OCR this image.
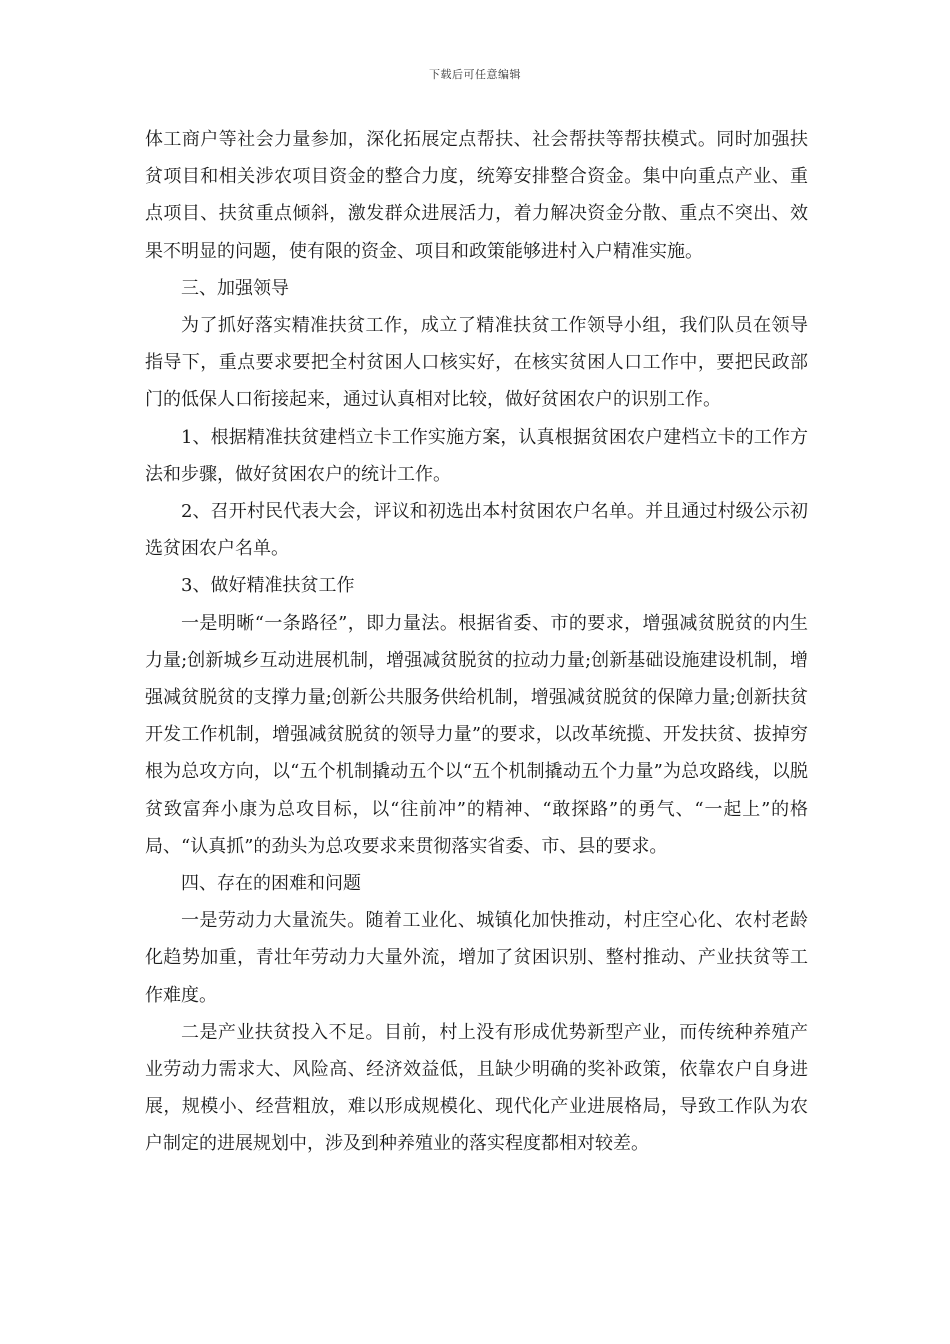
下载后可任意编辑

体工商户等社会力量参加，深化拓展定点帮扶、社会帮扶等帮扶模式。同时加强扶贫项目和相关涉农项目资金的整合力度，统筹安排整合资金。集中向重点产业、重点项目、扶贫重点倾斜，激发群众进展活力，着力解决资金分散、重点不突出、效果不明显的问题，使有限的资金、项目和政策能够进村入户精准实施。

三、加强领导

为了抓好落实精准扶贫工作，成立了精准扶贫工作领导小组，我们队员在领导指导下，重点要求要把全村贫困人口核实好，在核实贫困人口工作中，要把民政部门的低保人口衔接起来，通过认真相对比较，做好贫困农户的识别工作。

1、根据精准扶贫建档立卡工作实施方案，认真根据贫困农户建档立卡的工作方法和步骤，做好贫困农户的统计工作。

2、召开村民代表大会，评议和初选出本村贫困农户名单。并且通过村级公示初选贫困农户名单。

3、做好精准扶贫工作

一是明晰“一条路径”，即力量法。根据省委、市的要求，增强减贫脱贫的内生力量;创新城乡互动进展机制，增强减贫脱贫的拉动力量;创新基础设施建设机制，增强减贫脱贫的支撑力量;创新公共服务供给机制，增强减贫脱贫的保障力量;创新扶贫开发工作机制，增强减贫脱贫的领导力量”的要求，以改革统揽、开发扶贫、拔掉穷根为总攻方向，以“五个机制撬动五个以“五个机制撬动五个力量”为总攻路线，以脱贫致富奔小康为总攻目标，以“往前冲”的精神、“敢探路”的勇气、“一起上”的格局、“认真抓”的劲头为总攻要求来贯彻落实省委、市、县的要求。

四、存在的困难和问题

一是劳动力大量流失。随着工业化、城镇化加快推动，村庄空心化、农村老龄化趋势加重，青壮年劳动力大量外流，增加了贫困识别、整村推动、产业扶贫等工作难度。

二是产业扶贫投入不足。目前，村上没有形成优势新型产业，而传统种养殖产业劳动力需求大、风险高、经济效益低，且缺少明确的奖补政策，依靠农户自身进展，规模小、经营粗放，难以形成规模化、现代化产业进展格局，导致工作队为农户制定的进展规划中，涉及到种养殖业的落实程度都相对较差。
